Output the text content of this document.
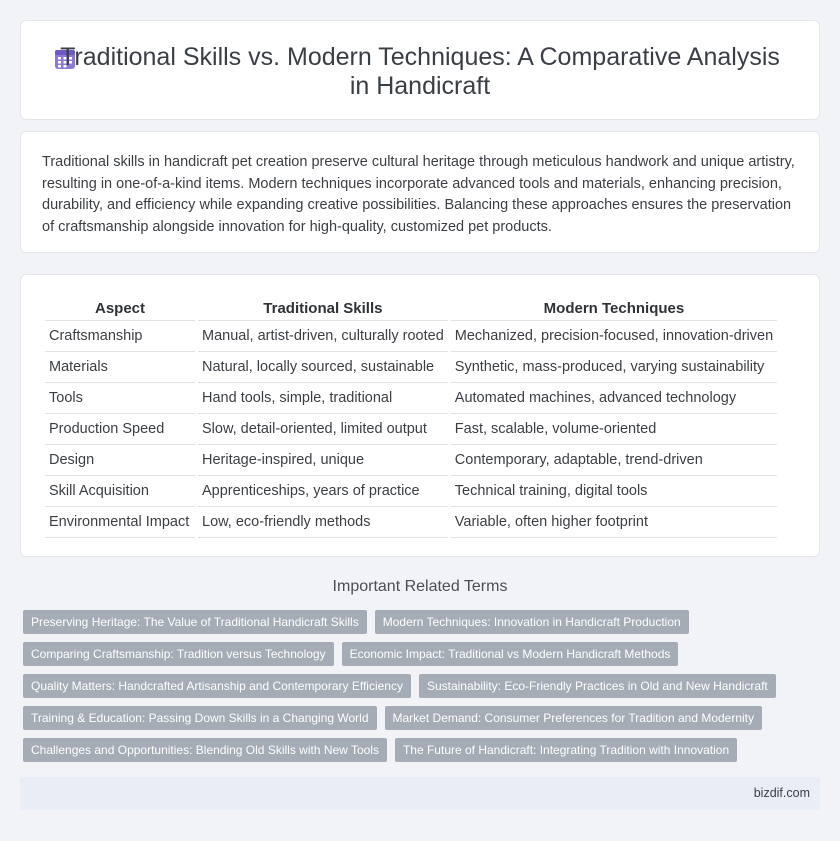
Traditional Skills vs. Modern Techniques: A Comparative Analysis in Handicraft

Traditional skills in handicraft pet creation preserve cultural heritage through meticulous handwork and unique artistry, resulting in one-of-a-kind items. Modern techniques incorporate advanced tools and materials, enhancing precision, durability, and efficiency while expanding creative possibilities. Balancing these approaches ensures the preservation of craftsmanship alongside innovation for high-quality, customized pet products.

Aspect	Traditional Skills	Modern Techniques
Craftsmanship	Manual, artist-driven, culturally rooted	Mechanized, precision-focused, innovation-driven
Materials	Natural, locally sourced, sustainable	Synthetic, mass-produced, varying sustainability
Tools	Hand tools, simple, traditional	Automated machines, advanced technology
Production Speed	Slow, detail-oriented, limited output	Fast, scalable, volume-oriented
Design	Heritage-inspired, unique	Contemporary, adaptable, trend-driven
Skill Acquisition	Apprenticeships, years of practice	Technical training, digital tools
Environmental Impact	Low, eco-friendly methods	Variable, often higher footprint
Important Related Terms
Preserving Heritage: The Value of Traditional Handicraft Skills	Modern Techniques: Innovation in Handicraft Production
Comparing Craftsmanship: Tradition versus Technology	Economic Impact: Traditional vs Modern Handicraft Methods
Quality Matters: Handcrafted Artisanship and Contemporary Efficiency	Sustainability: Eco-Friendly Practices in Old and New Handicraft
Training & Education: Passing Down Skills in a Changing World	Market Demand: Consumer Preferences for Tradition and Modernity
Challenges and Opportunities: Blending Old Skills with New Tools	The Future of Handicraft: Integrating Tradition with Innovation
bizdif.com
